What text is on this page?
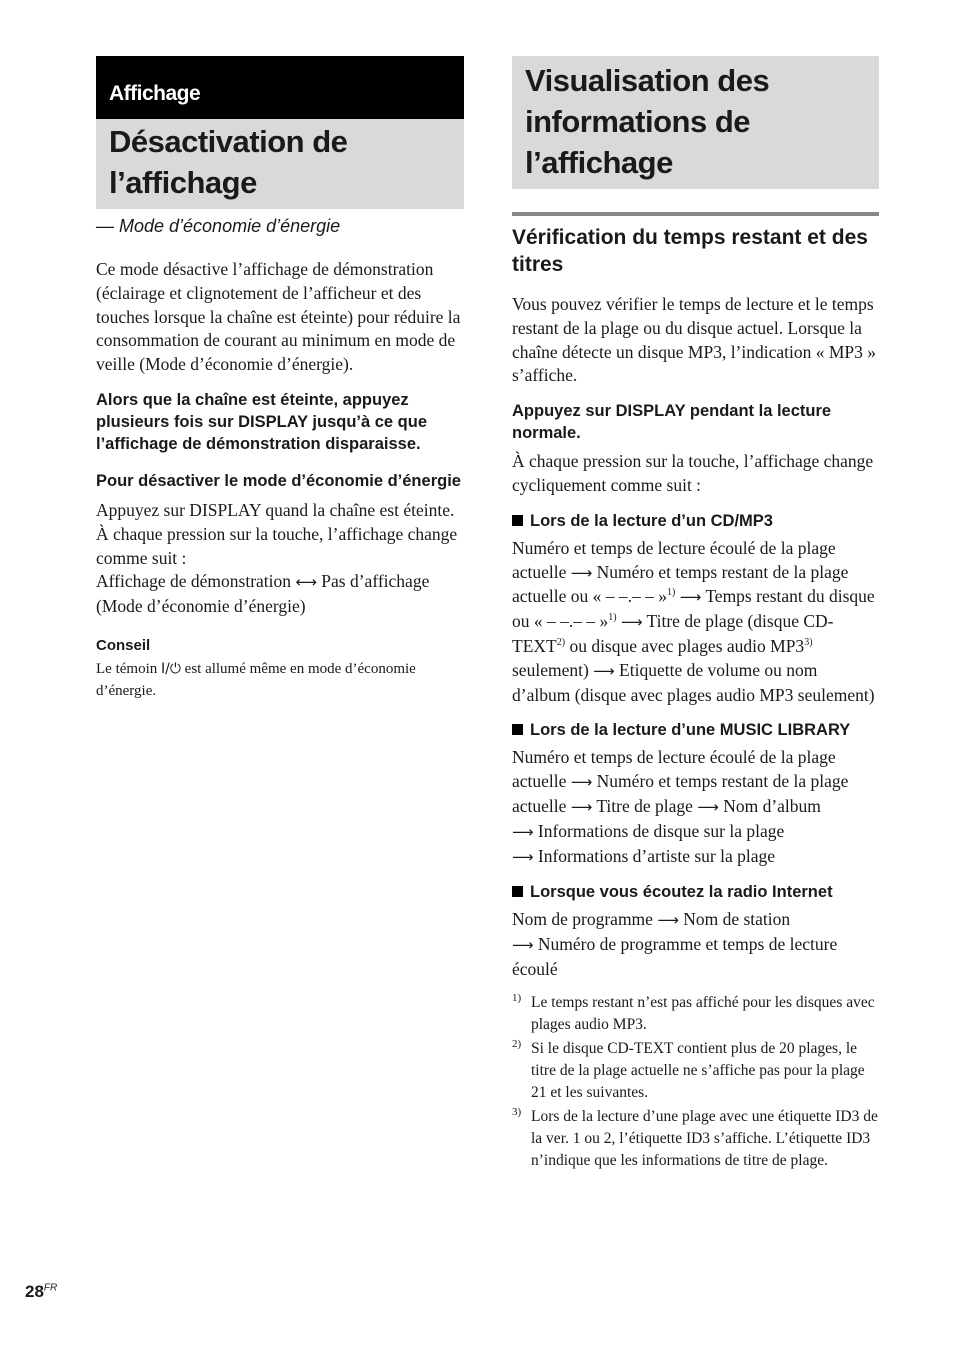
Affichage
Désactivation de l’affichage
— Mode d’économie d’énergie

Ce mode désactive l’affichage de démonstration (éclairage et clignotement de l’afficheur et des touches lorsque la chaîne est éteinte) pour réduire la consommation de courant au minimum en mode de veille (Mode d’économie d’énergie).

Alors que la chaîne est éteinte, appuyez plusieurs fois sur DISPLAY jusqu’à ce que l’affichage de démonstration disparaisse.

Pour désactiver le mode d’économie d’énergie

Appuyez sur DISPLAY quand la chaîne est éteinte. À chaque pression sur la touche, l’affichage change comme suit :
Affichage de démonstration ⟷ Pas d’affichage (Mode d’économie d’énergie)

Conseil

Le témoin I/⏻ est allumé même en mode d’économie d’énergie.

Visualisation des informations de l’affichage
Vérification du temps restant et des titres

Vous pouvez vérifier le temps de lecture et le temps restant de la plage ou du disque actuel. Lorsque la chaîne détecte un disque MP3, l’indication « MP3 » s’affiche.

Appuyez sur DISPLAY pendant la lecture normale.

À chaque pression sur la touche, l’affichage change cycliquement comme suit :

Lors de la lecture d’un CD/MP3

Numéro et temps de lecture écoulé de la plage actuelle ⟶ Numéro et temps restant de la plage actuelle ou « – –.– – »$^{1)}$ ⟶ Temps restant du disque ou « – –.– – »$^{1)}$ ⟶ Titre de plage (disque CD-TEXT$^{2)}$ ou disque avec plages audio MP3$^{3)}$ seulement) ⟶ Etiquette de volume ou nom d’album (disque avec plages audio MP3 seulement)

Lors de la lecture d’une MUSIC LIBRARY

Numéro et temps de lecture écoulé de la plage actuelle ⟶ Numéro et temps restant de la plage actuelle ⟶ Titre de plage ⟶ Nom d’album
⟶ Informations de disque sur la plage
⟶ Informations d’artiste sur la plage

Lorsque vous écoutez la radio Internet

Nom de programme ⟶ Nom de station
⟶ Numéro de programme et temps de lecture écoulé

1) Le temps restant n’est pas affiché pour les disques avec plages audio MP3.
2) Si le disque CD-TEXT contient plus de 20 plages, le titre de la plage actuelle ne s’affiche pas pour la plage 21 et les suivantes.
3) Lors de la lecture d’une plage avec une étiquette ID3 de la ver. 1 ou 2, l’étiquette ID3 s’affiche. L’étiquette ID3 n’indique que les informations de titre de plage.
$28^{FR}$
